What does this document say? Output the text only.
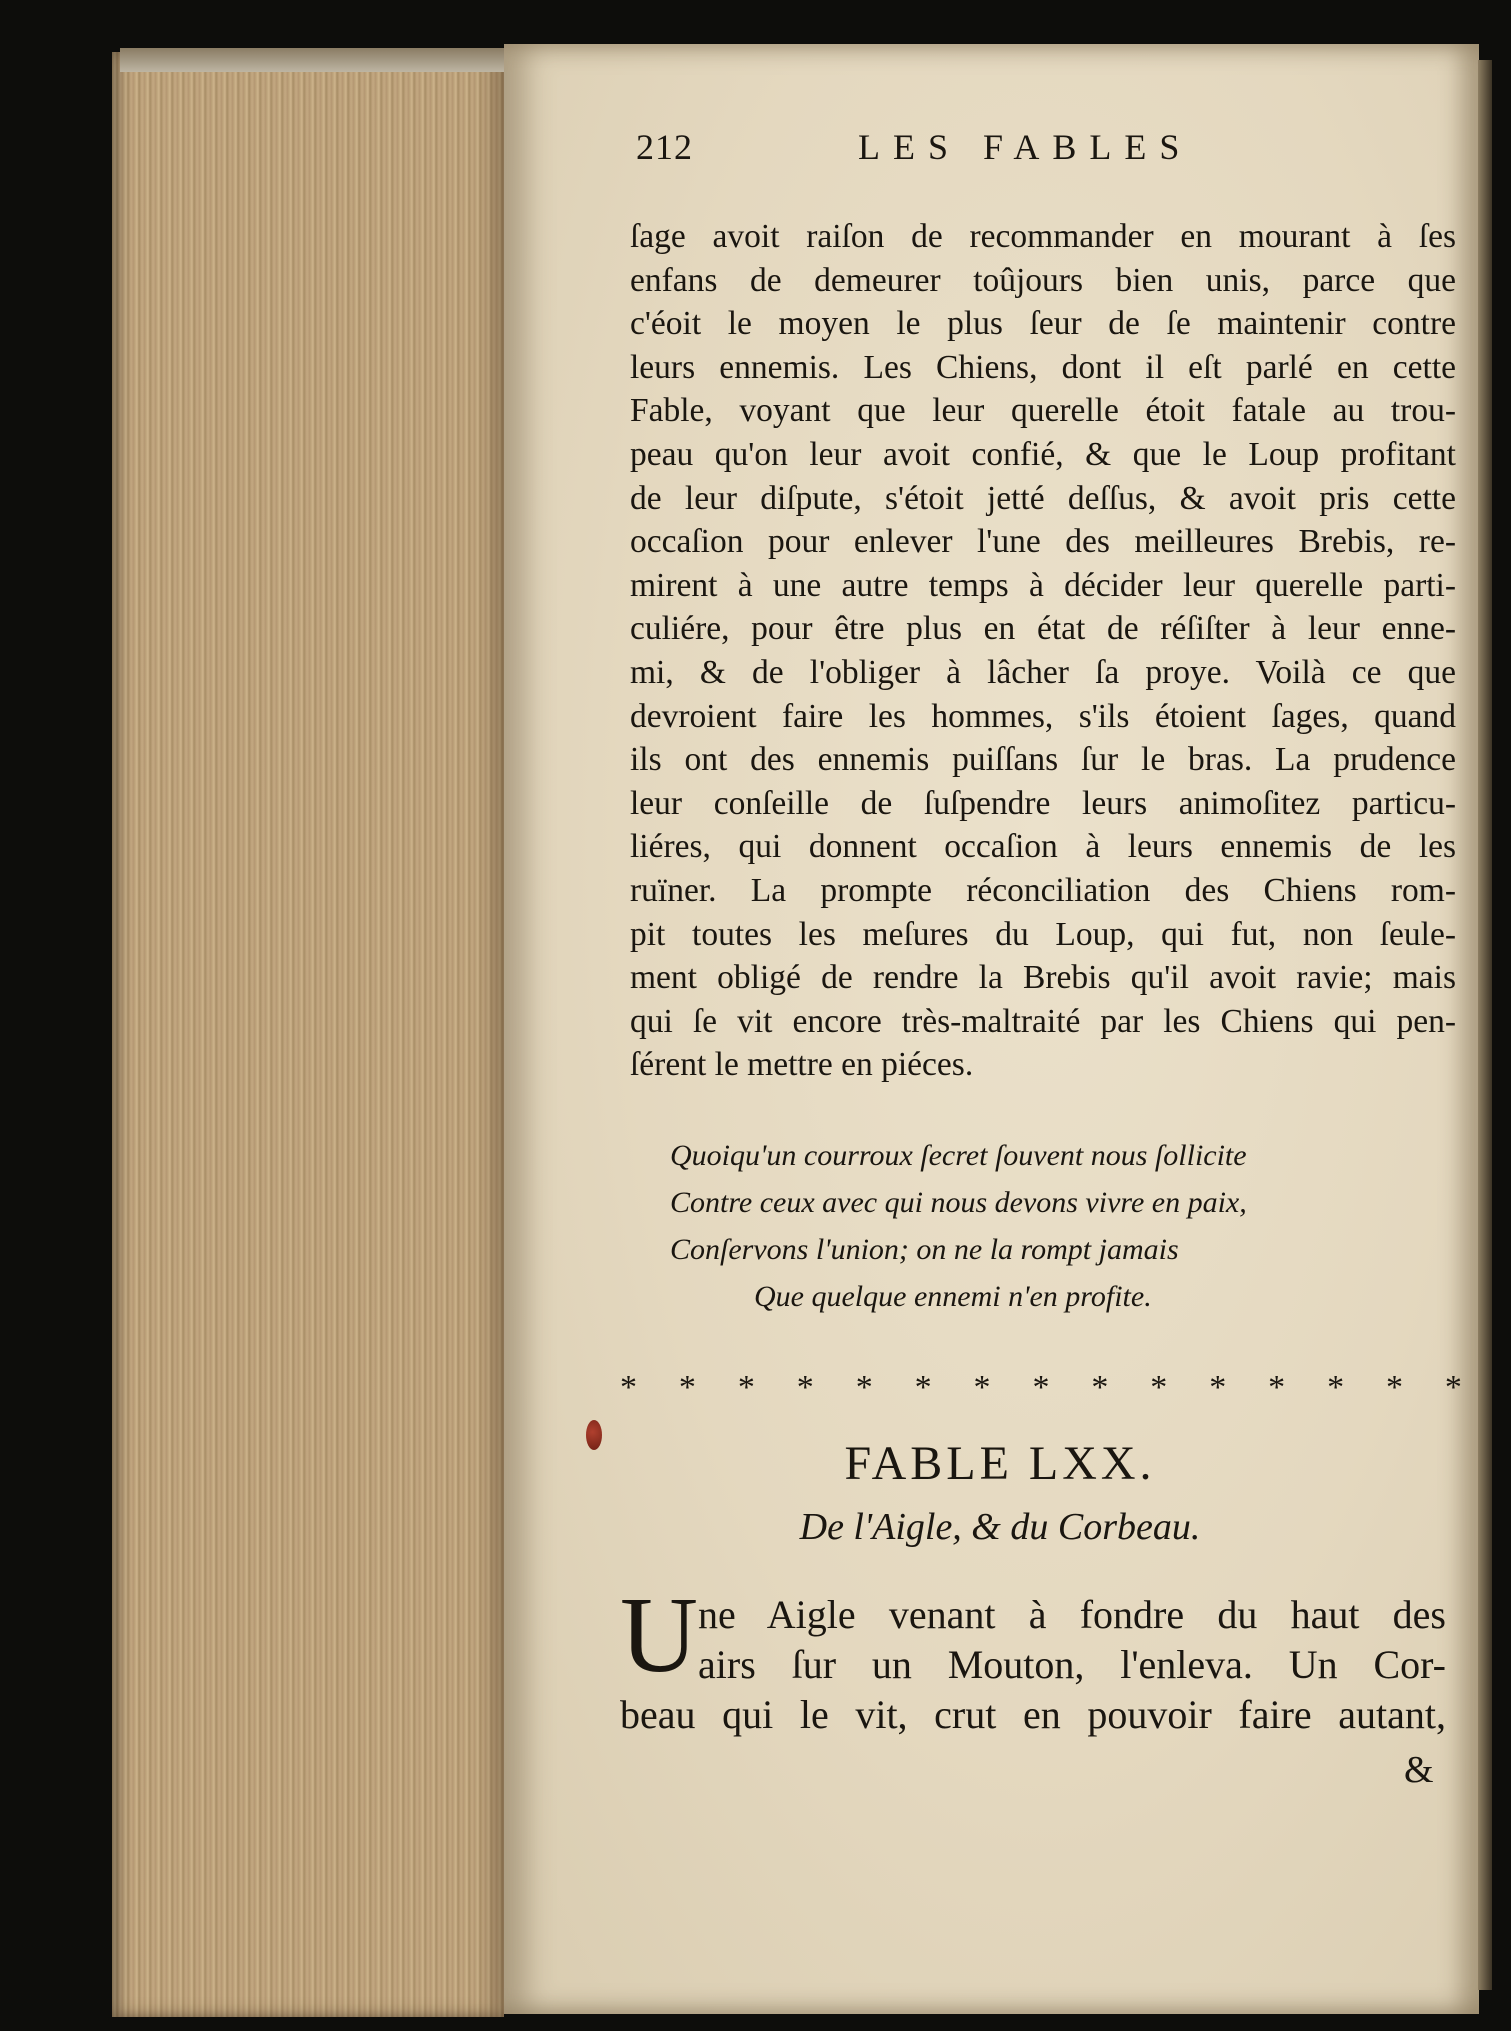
212	LES FABLES
ſage avoit raiſon de recommander en mourant à ſes
enfans de demeurer toûjours bien unis, parce que
c'éoit le moyen le plus ſeur de ſe maintenir contre
leurs ennemis. Les Chiens, dont il eſt parlé en cette
Fable, voyant que leur querelle étoit fatale au trou-
peau qu'on leur avoit confié, & que le Loup profitant
de leur diſpute, s'étoit jetté deſſus, & avoit pris cette
occaſion pour enlever l'une des meilleures Brebis, re-
mirent à une autre temps à décider leur querelle parti-
culiére, pour être plus en état de réſiſter à leur enne-
mi, & de l'obliger à lâcher ſa proye. Voilà ce que
devroient faire les hommes, s'ils étoient ſages, quand
ils ont des ennemis puiſſans ſur le bras. La prudence
leur conſeille de ſuſpendre leurs animoſitez particu-
liéres, qui donnent occaſion à leurs ennemis de les
ruïner. La prompte réconciliation des Chiens rom-
pit toutes les meſures du Loup, qui fut, non ſeule-
ment obligé de rendre la Brebis qu'il avoit ravie; mais
qui ſe vit encore très-maltraité par les Chiens qui pen-
ſérent le mettre en piéces.
Quoiqu'un courroux ſecret ſouvent nous ſollicite
Contre ceux avec qui nous devons vivre en paix,
Conſervons l'union; on ne la rompt jamais
Que quelque ennemi n'en profite.
* * * * * * * * * * * * * * *
FABLE LXX.
De l'Aigle, & du Corbeau.
U ne Aigle venant à fondre du haut des
airs ſur un Mouton, l'enleva. Un Cor-
beau qui le vit, crut en pouvoir faire autant,
&
